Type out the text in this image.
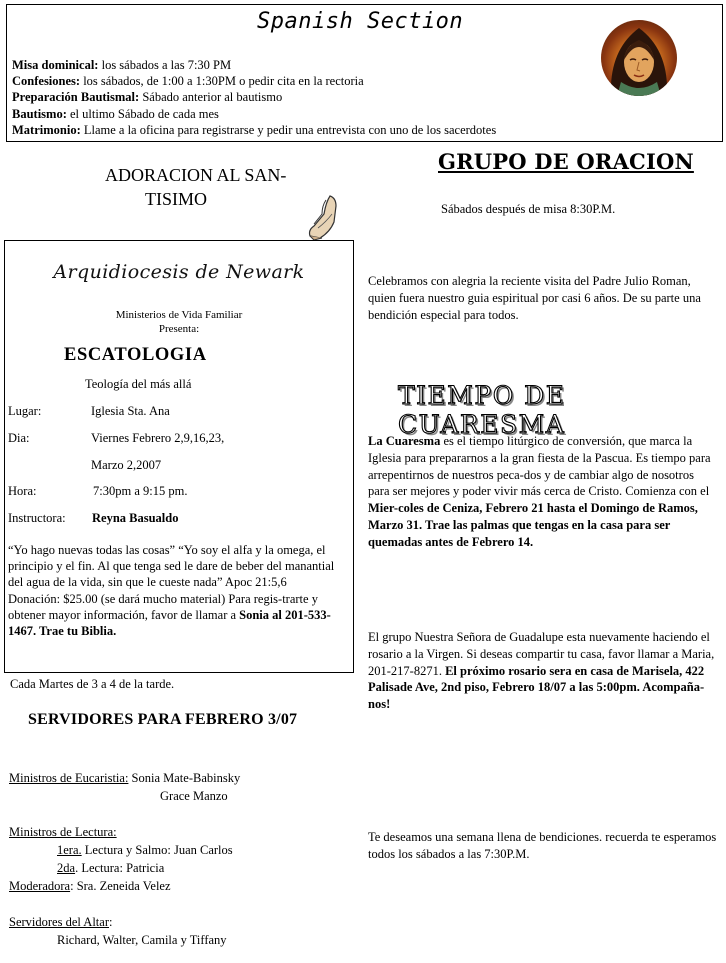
Spanish Section
Misa dominical: los sábados a las 7:30 PM
Confesiones: los sábados, de 1:00 a 1:30PM o pedir cita en la rectoria
Preparación Bautismal: Sábado anterior al bautismo
Bautismo: el ultimo Sábado de cada mes
Matrimonio: Llame a la oficina para registrarse y pedir una entrevista con uno de los sacerdotes
ADORACION AL SAN-
TISIMO
Arquidiocesis de Newark
Ministerios de Vida Familiar
Presenta:
ESCATOLOGIA
Teología del más allá
Lugar:	Iglesia Sta. Ana
Dia:	Viernes Febrero 2,9,16,23,
Marzo 2,2007
Hora:	7:30pm a 9:15 pm.
Instructora: Reyna Basualdo
“Yo hago nuevas todas las cosas” “Yo soy el alfa y la omega, el principio y el fin. Al que tenga sed le dare de beber del manantial del agua de la vida, sin que le cueste nada” Apoc 21:5,6
Donación: $25.00 (se dará mucho material) Para regis-trarte y obtener mayor información, favor de llamar a Sonia al 201-533-1467. Trae tu Biblia.
Cada Martes de 3 a 4 de la tarde.
SERVIDORES PARA FEBRERO 3/07
Ministros de Eucaristia: Sonia Mate-Babinsky
Grace Manzo
Ministros de Lectura:
1era. Lectura y Salmo: Juan Carlos
2da. Lectura: Patricia
Moderadora: Sra. Zeneida Velez
Servidores del Altar:
Richard, Walter, Camila y Tiffany
GRUPO DE ORACION
Sábados después de misa 8:30P.M.
Celebramos con alegria la reciente visita del Padre Julio Roman, quien fuera nuestro guia espiritual por casi 6 años. De su parte una bendición especial para todos.
TIEMPO DE CUARESMA
La Cuaresma es el tiempo litúrgico de conversión, que marca la Iglesia para prepararnos a la gran fiesta de la Pascua. Es tiempo para arrepentirnos de nuestros peca-dos y de cambiar algo de nosotros para ser mejores y poder vivir más cerca de Cristo. Comienza con el Mier-coles de Ceniza, Febrero 21 hasta el Domingo de Ramos, Marzo 31. Trae las palmas que tengas en la casa para ser quemadas antes de Febrero 14.
El grupo Nuestra Señora de Guadalupe esta nuevamente haciendo el rosario a la Virgen. Si deseas compartir tu casa, favor llamar a Maria, 201-217-8271. El próximo rosario sera en casa de Marisela, 422 Palisade Ave, 2nd piso, Febrero 18/07 a las 5:00pm. Acompaña-nos!
Te deseamos una semana llena de bendiciones. recuerda te esperamos todos los sábados a las 7:30P.M.
